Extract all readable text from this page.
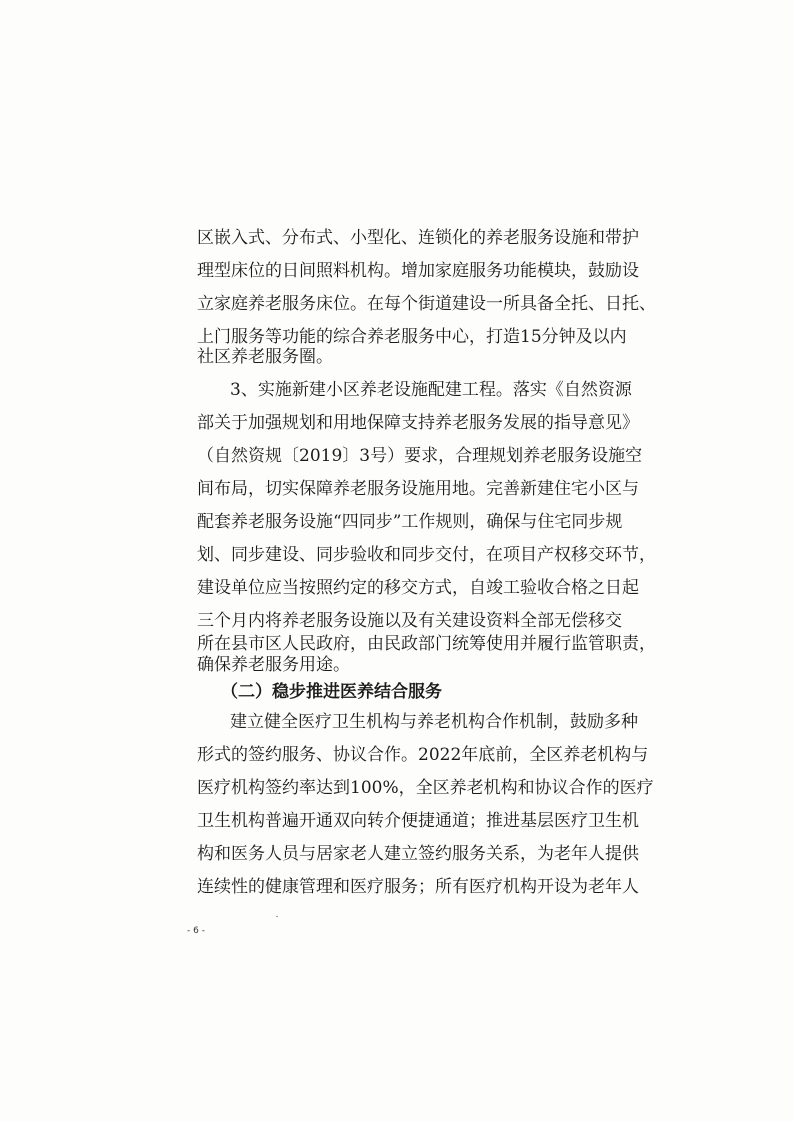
区嵌入式、分布式、小型化、连锁化的养老服务设施和带护
理型床位的日间照料机构。增加家庭服务功能模块，鼓励设
立家庭养老服务床位。在每个街道建设一所具备全托、日托、
上门服务等功能的综合养老服务中心，打造15分钟及以内
社区养老服务圈。
3、实施新建小区养老设施配建工程。落实《自然资源
部关于加强规划和用地保障支持养老服务发展的指导意见》
（自然资规〔2019〕3号）要求，合理规划养老服务设施空
间布局，切实保障养老服务设施用地。完善新建住宅小区与
配套养老服务设施“四同步”工作规则，确保与住宅同步规
划、同步建设、同步验收和同步交付，在项目产权移交环节，
建设单位应当按照约定的移交方式，自竣工验收合格之日起
三个月内将养老服务设施以及有关建设资料全部无偿移交
所在县市区人民政府，由民政部门统筹使用并履行监管职责，
确保养老服务用途。
（二）稳步推进医养结合服务
建立健全医疗卫生机构与养老机构合作机制，鼓励多种
形式的签约服务、协议合作。2022年底前，全区养老机构与
医疗机构签约率达到100%，全区养老机构和协议合作的医疗
卫生机构普遍开通双向转介便捷通道；推进基层医疗卫生机
构和医务人员与居家老人建立签约服务关系，为老年人提供
连续性的健康管理和医疗服务；所有医疗机构开设为老年人
- 6 -
